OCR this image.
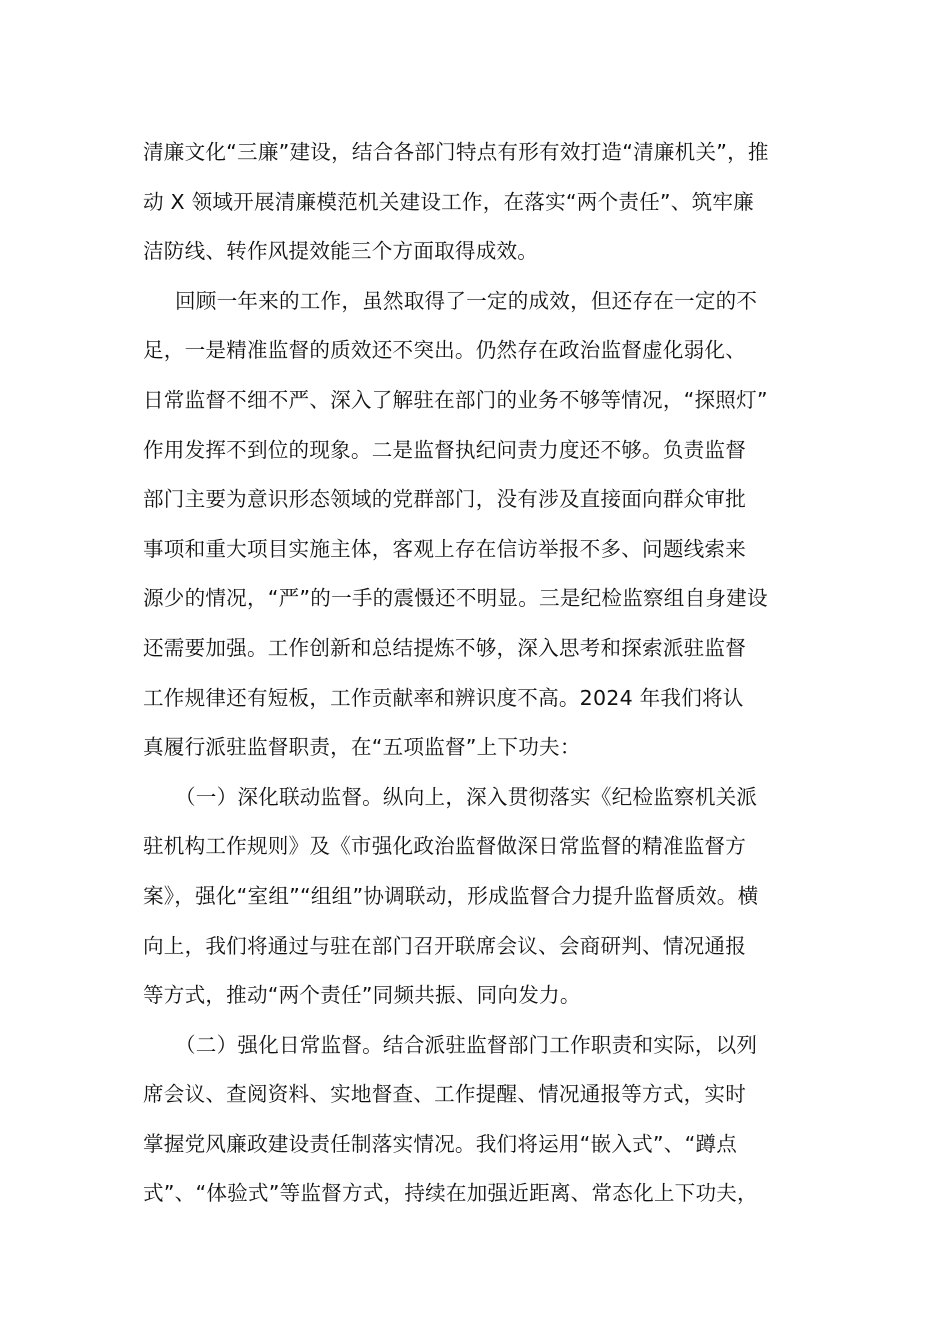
清廉文化“三廉”建设，结合各部门特点有形有效打造“清廉机关”，推
动 X 领域开展清廉模范机关建设工作，在落实“两个责任”、筑牢廉
洁防线、转作风提效能三个方面取得成效。
回顾一年来的工作，虽然取得了一定的成效，但还存在一定的不
足，一是精准监督的质效还不突出。仍然存在政治监督虚化弱化、
日常监督不细不严、深入了解驻在部门的业务不够等情况，“探照灯”
作用发挥不到位的现象。二是监督执纪问责力度还不够。负责监督
部门主要为意识形态领域的党群部门，没有涉及直接面向群众审批
事项和重大项目实施主体，客观上存在信访举报不多、问题线索来
源少的情况，“严”的一手的震慑还不明显。三是纪检监察组自身建设
还需要加强。工作创新和总结提炼不够，深入思考和探索派驻监督
工作规律还有短板，工作贡献率和辨识度不高。2024 年我们将认
真履行派驻监督职责，在“五项监督”上下功夫：
（一）深化联动监督。纵向上，深入贯彻落实《纪检监察机关派
驻机构工作规则》及《市强化政治监督做深日常监督的精准监督方
案》，强化“室组”“组组”协调联动，形成监督合力提升监督质效。横
向上，我们将通过与驻在部门召开联席会议、会商研判、情况通报
等方式，推动“两个责任”同频共振、同向发力。
（二）强化日常监督。结合派驻监督部门工作职责和实际，以列
席会议、查阅资料、实地督查、工作提醒、情况通报等方式，实时
掌握党风廉政建设责任制落实情况。我们将运用“嵌入式”、“蹲点
式”、“体验式”等监督方式，持续在加强近距离、常态化上下功夫，
